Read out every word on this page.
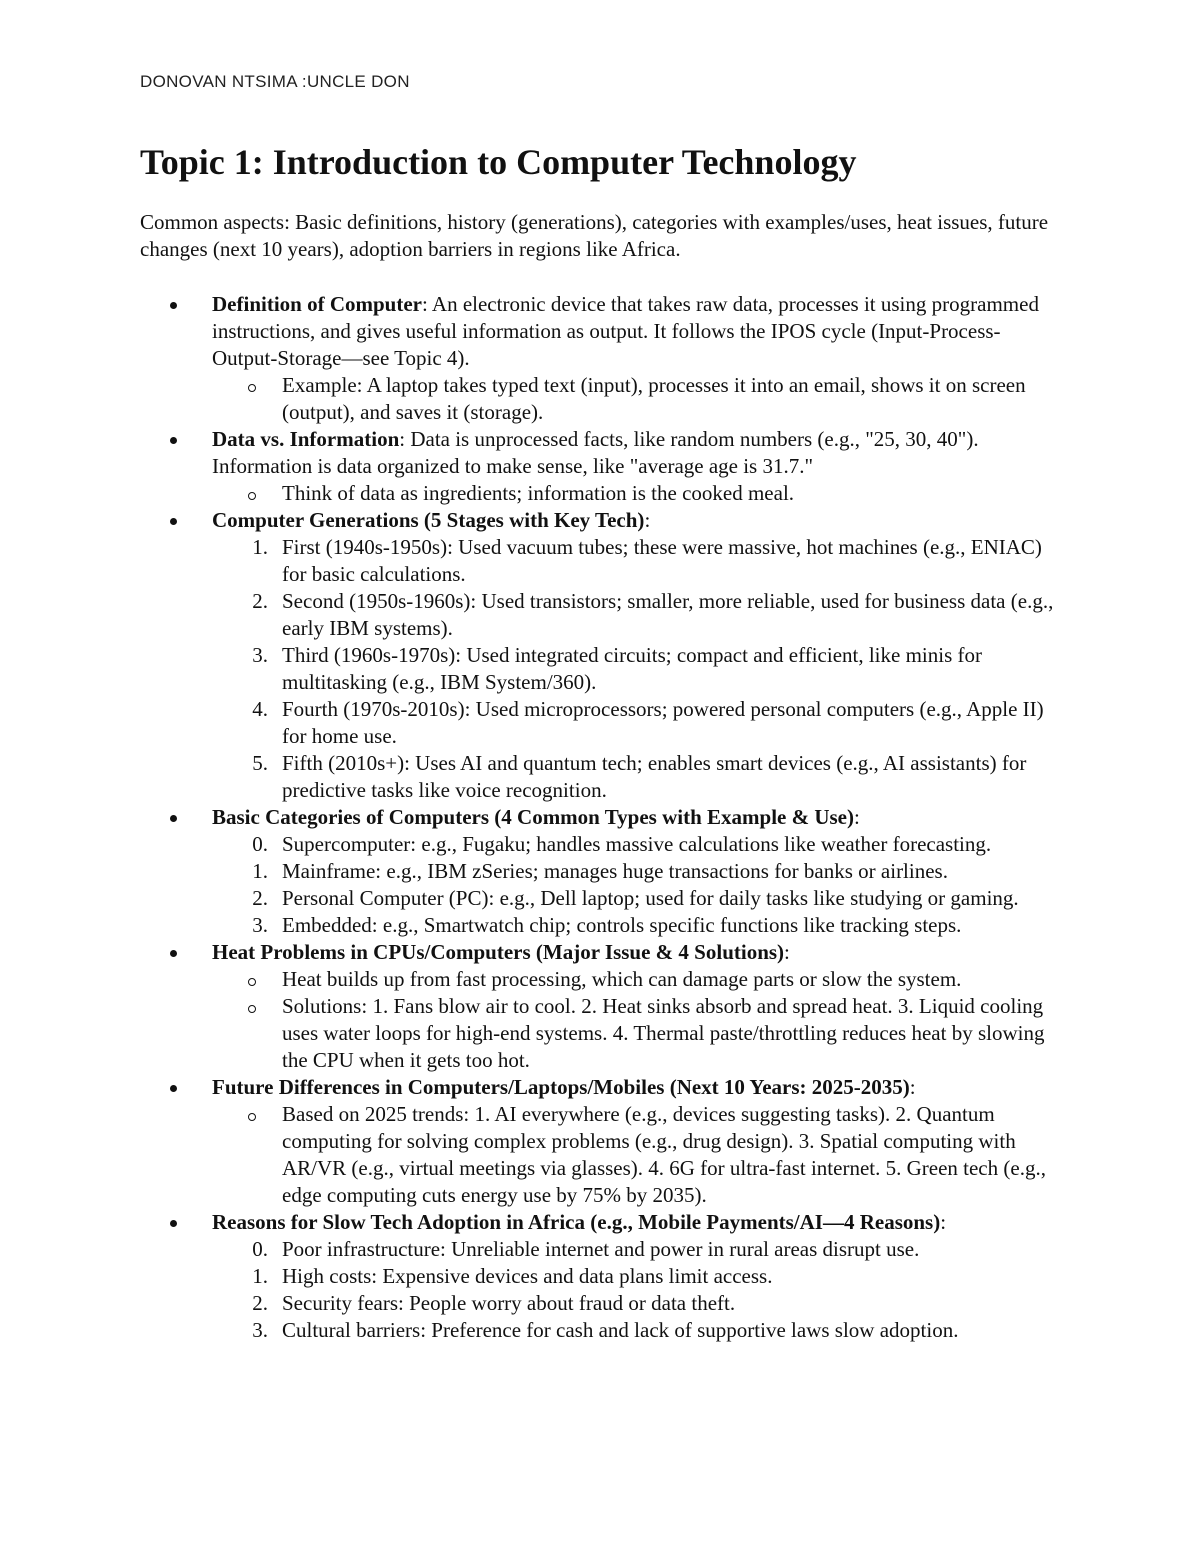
DONOVAN NTSIMA :UNCLE DON
Topic 1: Introduction to Computer Technology

Common aspects: Basic definitions, history (generations), categories with examples/uses, heat issues, future changes (next 10 years), adoption barriers in regions like Africa.

Definition of Computer: An electronic device that takes raw data, processes it using programmed instructions, and gives useful information as output. It follows the IPOS cycle (Input-Process-Output-Storage—see Topic 4).
Example: A laptop takes typed text (input), processes it into an email, shows it on screen (output), and saves it (storage).
Data vs. Information: Data is unprocessed facts, like random numbers (e.g., "25, 30, 40"). Information is data organized to make sense, like "average age is 31.7."
Think of data as ingredients; information is the cooked meal.
Computer Generations (5 Stages with Key Tech):
1. First (1940s-1950s): Used vacuum tubes; these were massive, hot machines (e.g., ENIAC) for basic calculations.
2. Second (1950s-1960s): Used transistors; smaller, more reliable, used for business data (e.g., early IBM systems).
3. Third (1960s-1970s): Used integrated circuits; compact and efficient, like minis for multitasking (e.g., IBM System/360).
4. Fourth (1970s-2010s): Used microprocessors; powered personal computers (e.g., Apple II) for home use.
5. Fifth (2010s+): Uses AI and quantum tech; enables smart devices (e.g., AI assistants) for predictive tasks like voice recognition.
Basic Categories of Computers (4 Common Types with Example & Use):
0. Supercomputer: e.g., Fugaku; handles massive calculations like weather forecasting.
1. Mainframe: e.g., IBM zSeries; manages huge transactions for banks or airlines.
2. Personal Computer (PC): e.g., Dell laptop; used for daily tasks like studying or gaming.
3. Embedded: e.g., Smartwatch chip; controls specific functions like tracking steps.
Heat Problems in CPUs/Computers (Major Issue & 4 Solutions):
Heat builds up from fast processing, which can damage parts or slow the system.
Solutions: 1. Fans blow air to cool. 2. Heat sinks absorb and spread heat. 3. Liquid cooling uses water loops for high-end systems. 4. Thermal paste/throttling reduces heat by slowing the CPU when it gets too hot.
Future Differences in Computers/Laptops/Mobiles (Next 10 Years: 2025-2035):
Based on 2025 trends: 1. AI everywhere (e.g., devices suggesting tasks). 2. Quantum computing for solving complex problems (e.g., drug design). 3. Spatial computing with AR/VR (e.g., virtual meetings via glasses). 4. 6G for ultra-fast internet. 5. Green tech (e.g., edge computing cuts energy use by 75% by 2035).
Reasons for Slow Tech Adoption in Africa (e.g., Mobile Payments/AI—4 Reasons):
0. Poor infrastructure: Unreliable internet and power in rural areas disrupt use.
1. High costs: Expensive devices and data plans limit access.
2. Security fears: People worry about fraud or data theft.
3. Cultural barriers: Preference for cash and lack of supportive laws slow adoption.
